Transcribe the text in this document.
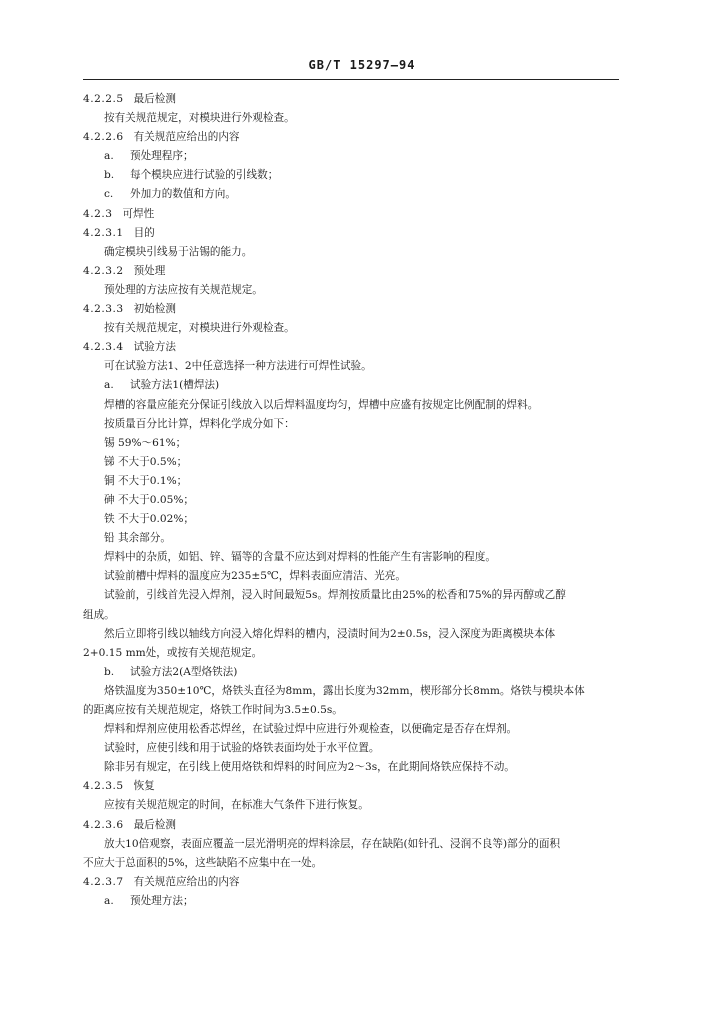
GB/T 15297—94
4.2.2.5 最后检测
按有关规范规定，对模块进行外观检查。
4.2.2.6 有关规范应给出的内容
a. 预处理程序；
b. 每个模块应进行试验的引线数；
c. 外加力的数值和方向。
4.2.3 可焊性
4.2.3.1 目的
确定模块引线易于沾锡的能力。
4.2.3.2 预处理
预处理的方法应按有关规范规定。
4.2.3.3 初始检测
按有关规范规定，对模块进行外观检查。
4.2.3.4 试验方法
可在试验方法1、2中任意选择一种方法进行可焊性试验。
a. 试验方法1(槽焊法)
焊槽的容量应能充分保证引线放入以后焊料温度均匀，焊槽中应盛有按规定比例配制的焊料。
按质量百分比计算，焊料化学成分如下：
锡 59%～61%；
锑 不大于0.5%；
铜 不大于0.1%；
砷 不大于0.05%；
铁 不大于0.02%；
铅 其余部分。
焊料中的杂质，如铝、锌、镉等的含量不应达到对焊料的性能产生有害影响的程度。
试验前槽中焊料的温度应为235±5℃，焊料表面应清洁、光亮。
试验前，引线首先浸入焊剂，浸入时间最短5s。焊剂按质量比由25%的松香和75%的异丙醇或乙醇
组成。
然后立即将引线以轴线方向浸入熔化焊料的槽内，浸渍时间为2±0.5s，浸入深度为距离模块本体
2+0.15 mm处，或按有关规范规定。
b. 试验方法2(A型烙铁法)
烙铁温度为350±10℃，烙铁头直径为8mm，露出长度为32mm，楔形部分长8mm。烙铁与模块本体
的距离应按有关规范规定，烙铁工作时间为3.5±0.5s。
焊料和焊剂应使用松香芯焊丝，在试验过焊中应进行外观检查，以便确定是否存在焊剂。
试验时，应使引线和用于试验的烙铁表面均处于水平位置。
除非另有规定，在引线上使用烙铁和焊料的时间应为2～3s，在此期间烙铁应保持不动。
4.2.3.5 恢复
应按有关规范规定的时间，在标准大气条件下进行恢复。
4.2.3.6 最后检测
放大10倍观察，表面应覆盖一层光滑明亮的焊料涂层，存在缺陷(如针孔、浸润不良等)部分的面积
不应大于总面积的5%，这些缺陷不应集中在一处。
4.2.3.7 有关规范应给出的内容
a. 预处理方法；
